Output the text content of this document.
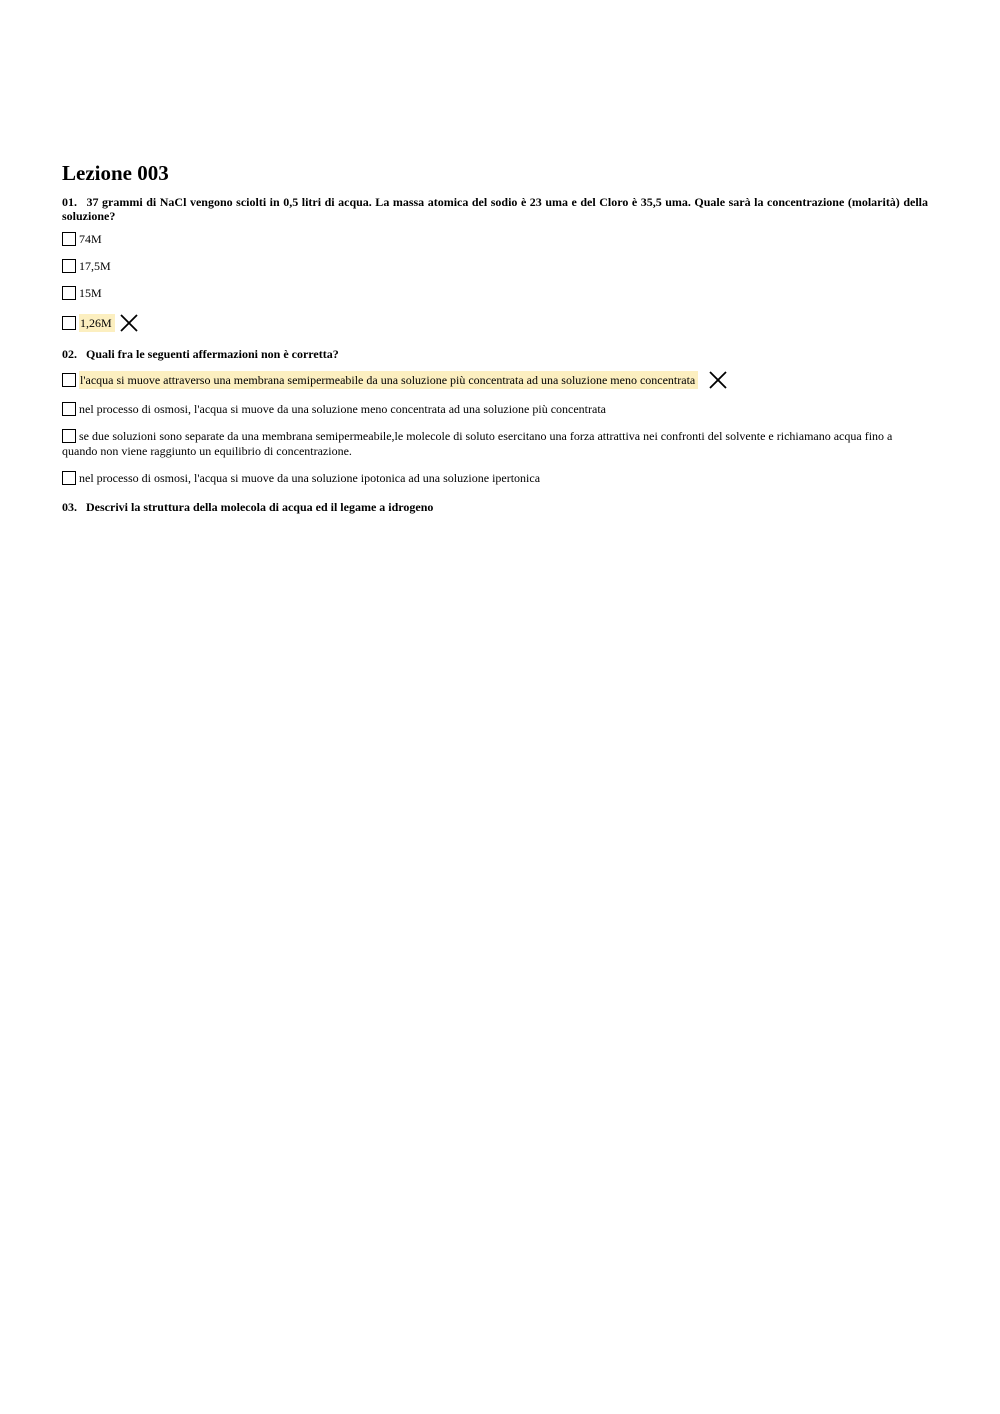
Lezione 003
01. 37 grammi di NaCl vengono sciolti in 0,5 litri di acqua. La massa atomica del sodio è 23 uma e del Cloro è 35,5 uma. Quale sarà la concentrazione (molarità) della soluzione?
74M
17,5M
15M
1,26M
02. Quali fra le seguenti affermazioni non è corretta?
l'acqua si muove attraverso una membrana semipermeabile da una soluzione più concentrata ad una soluzione meno concentrata
nel processo di osmosi, l'acqua si muove da una soluzione meno concentrata ad una soluzione più concentrata
se due soluzioni sono separate da una membrana semipermeabile,le molecole di soluto esercitano una forza attrattiva nei confronti del solvente e richiamano acqua fino a quando non viene raggiunto un equilibrio di concentrazione.
nel processo di osmosi, l'acqua si muove da una soluzione ipotonica ad una soluzione ipertonica
03. Descrivi la struttura della molecola di acqua ed il legame a idrogeno
